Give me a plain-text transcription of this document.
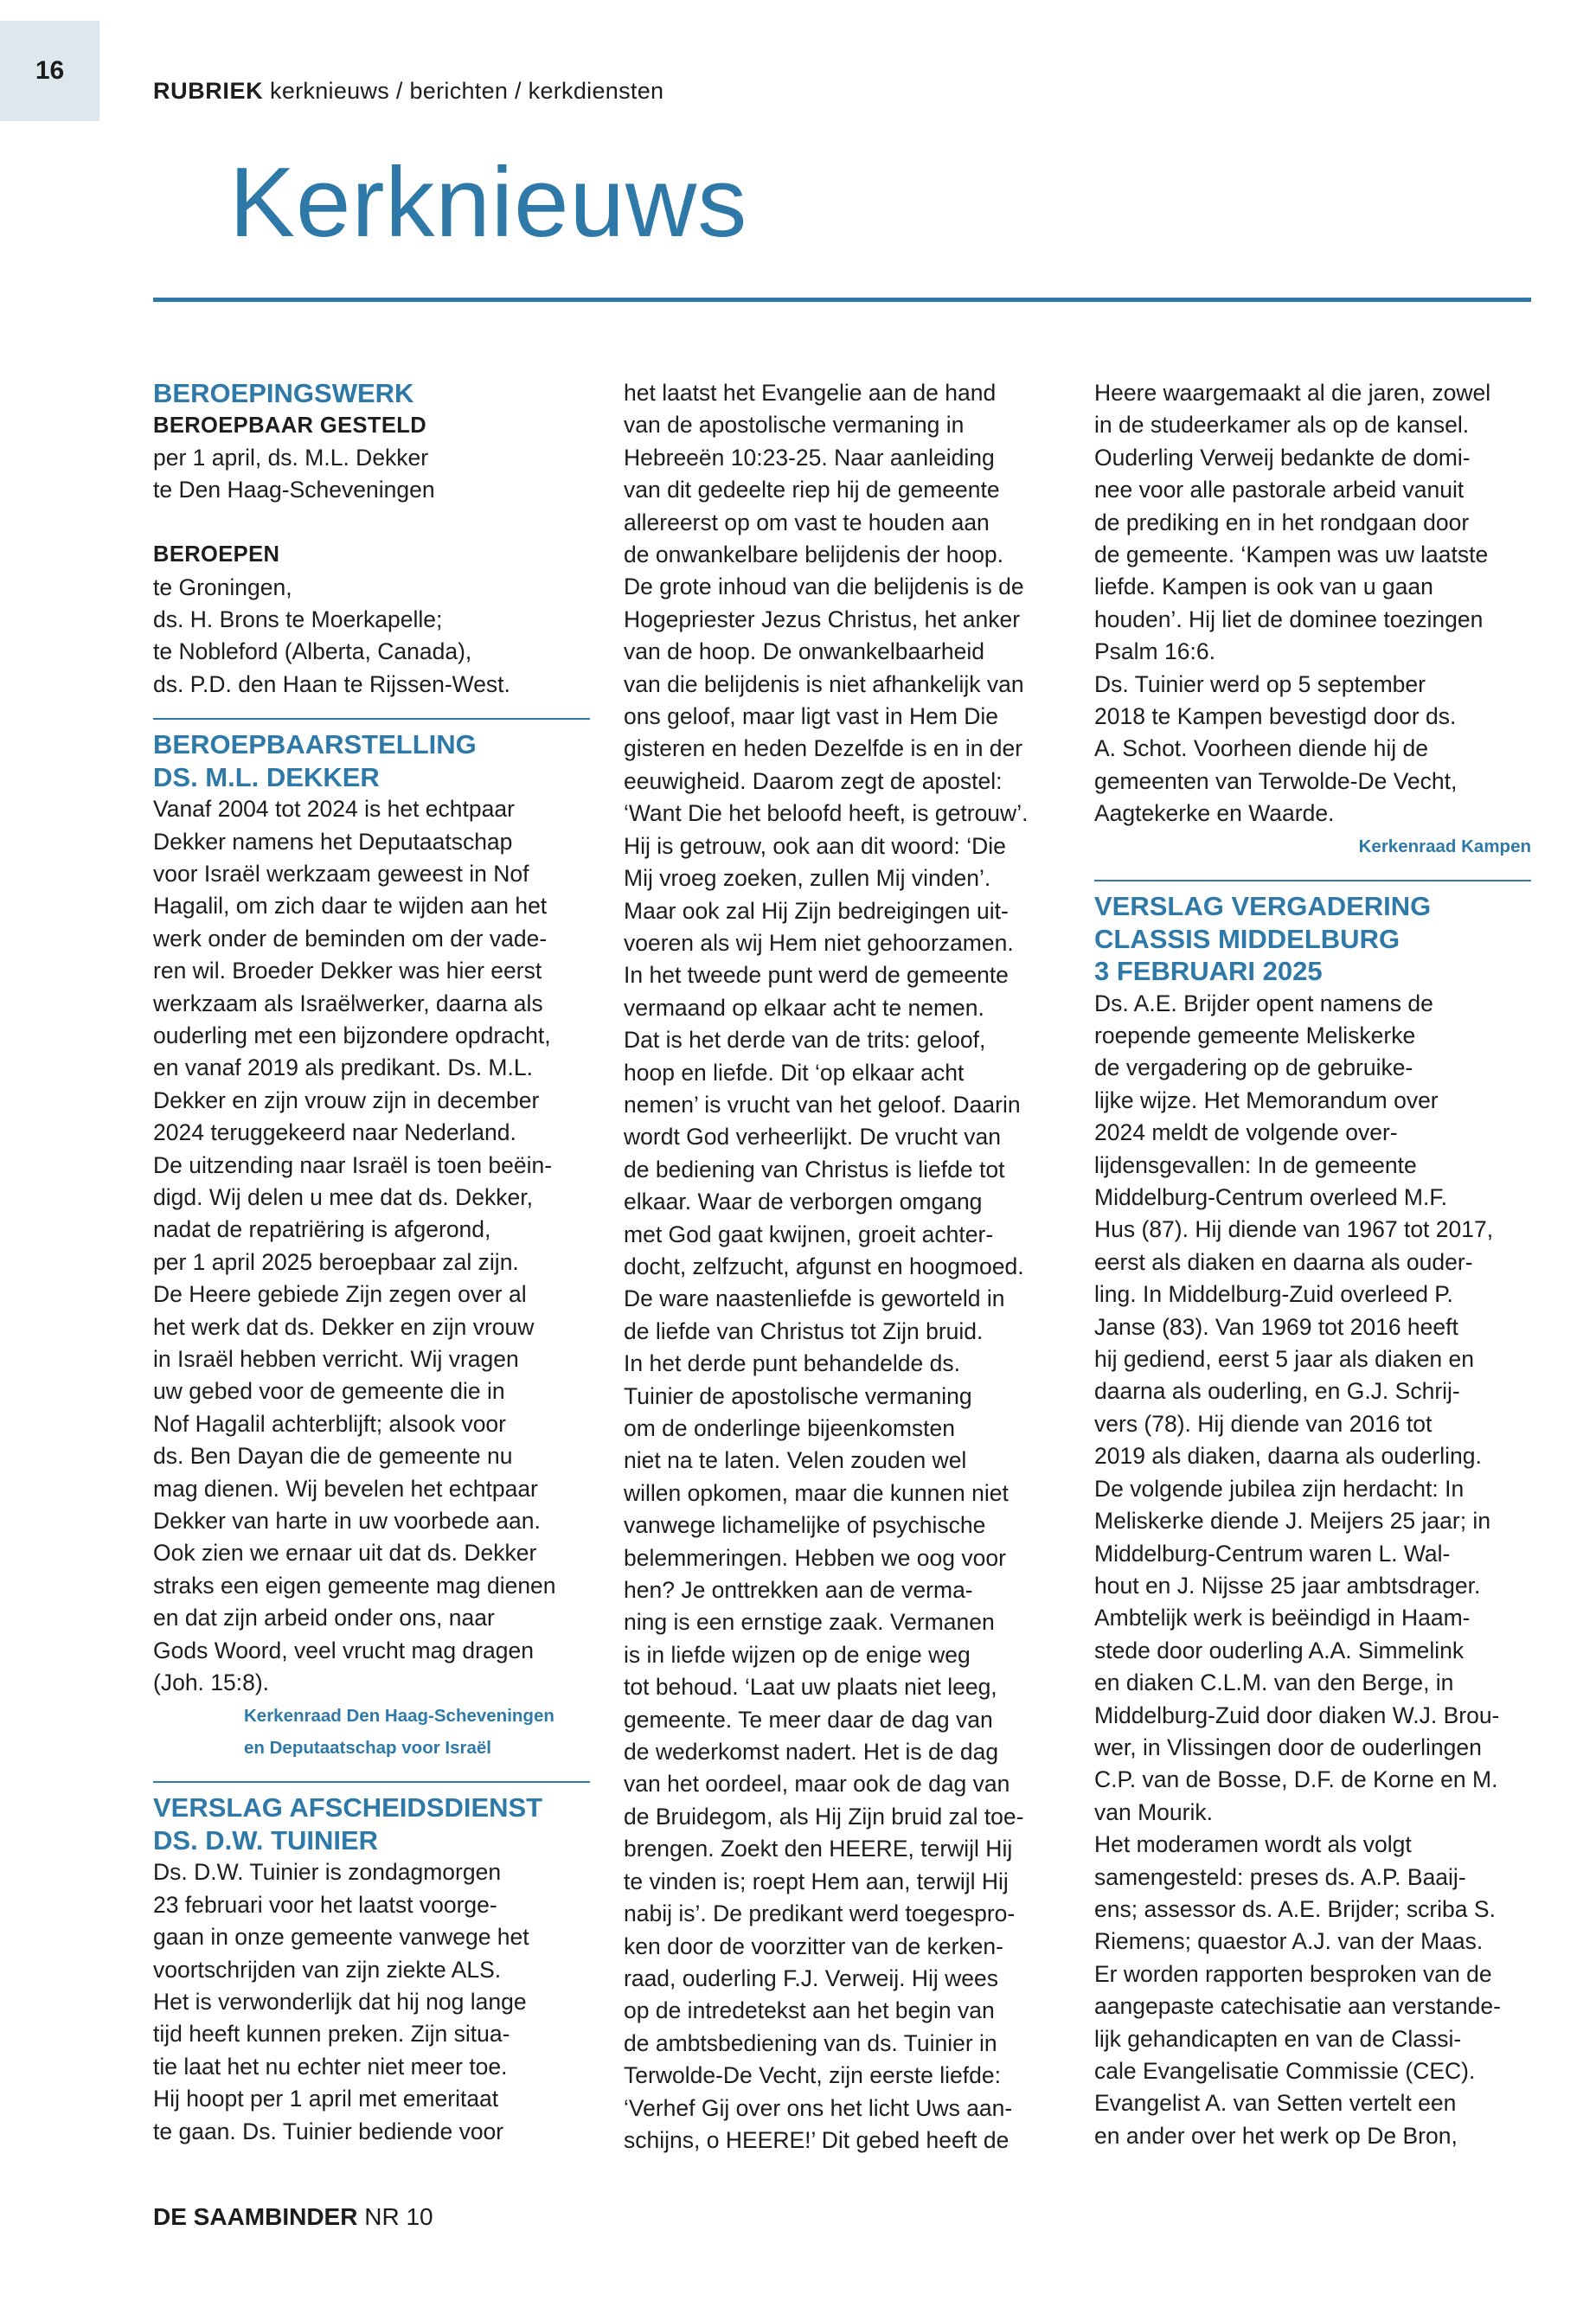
16
RUBRIEK kerknieuws / berichten / kerkdiensten
Kerknieuws

BEROEPINGSWERK

BEROEPBAAR GESTELD

per 1 april, ds. M.L. Dekker
te Den Haag-Scheveningen

BEROEPEN

te Groningen,
ds. H. Brons te Moerkapelle;
te Nobleford (Alberta, Canada),
ds. P.D. den Haan te Rijssen-West.
BEROEPBAARSTELLING
DS. M.L. DEKKER
Vanaf 2004 tot 2024 is het echtpaar
Dekker namens het Deputaatschap
voor Israël werkzaam geweest in Nof
Hagalil, om zich daar te wijden aan het
werk onder de beminden om der vade-
ren wil. Broeder Dekker was hier eerst
werkzaam als Israëlwerker, daarna als
ouderling met een bijzondere opdracht,
en vanaf 2019 als predikant. Ds. M.L.
Dekker en zijn vrouw zijn in december
2024 teruggekeerd naar Nederland.
De uitzending naar Israël is toen beëin-
digd. Wij delen u mee dat ds. Dekker,
nadat de repatriëring is afgerond,
per 1 april 2025 beroepbaar zal zijn.
De Heere gebiede Zijn zegen over al
het werk dat ds. Dekker en zijn vrouw
in Israël hebben verricht. Wij vragen
uw gebed voor de gemeente die in
Nof Hagalil achterblijft; alsook voor
ds. Ben Dayan die de gemeente nu
mag dienen. Wij bevelen het echtpaar
Dekker van harte in uw voorbede aan.
Ook zien we ernaar uit dat ds. Dekker
straks een eigen gemeente mag dienen
en dat zijn arbeid onder ons, naar
Gods Woord, veel vrucht mag dragen
(Joh. 15:8).
Kerkenraad Den Haag-Scheveningen
en Deputaatschap voor Israël
VERSLAG AFSCHEIDSDIENST
DS. D.W. TUINIER
Ds. D.W. Tuinier is zondagmorgen
23 februari voor het laatst voorge-
gaan in onze gemeente vanwege het
voortschrijden van zijn ziekte ALS.
Het is verwonderlijk dat hij nog lange
tijd heeft kunnen preken. Zijn situa-
tie laat het nu echter niet meer toe.
Hij hoopt per 1 april met emeritaat
te gaan. Ds. Tuinier bediende voor
het laatst het Evangelie aan de hand
van de apostolische vermaning in
Hebreeën 10:23-25. Naar aanleiding
van dit gedeelte riep hij de gemeente
allereerst op om vast te houden aan
de onwankelbare belijdenis der hoop.
De grote inhoud van die belijdenis is de
Hogepriester Jezus Christus, het anker
van de hoop. De onwankelbaarheid
van die belijdenis is niet afhankelijk van
ons geloof, maar ligt vast in Hem Die
gisteren en heden Dezelfde is en in der
eeuwigheid. Daarom zegt de apostel:
‘Want Die het beloofd heeft, is getrouw’.
Hij is getrouw, ook aan dit woord: ‘Die
Mij vroeg zoeken, zullen Mij vinden’.
Maar ook zal Hij Zijn bedreigingen uit-
voeren als wij Hem niet gehoorzamen.
In het tweede punt werd de gemeente
vermaand op elkaar acht te nemen.
Dat is het derde van de trits: geloof,
hoop en liefde. Dit ‘op elkaar acht
nemen’ is vrucht van het geloof. Daarin
wordt God verheerlijkt. De vrucht van
de bediening van Christus is liefde tot
elkaar. Waar de verborgen omgang
met God gaat kwijnen, groeit achter-
docht, zelfzucht, afgunst en hoogmoed.
De ware naastenliefde is geworteld in
de liefde van Christus tot Zijn bruid.
In het derde punt behandelde ds.
Tuinier de apostolische vermaning
om de onderlinge bijeenkomsten
niet na te laten. Velen zouden wel
willen opkomen, maar die kunnen niet
vanwege lichamelijke of psychische
belemmeringen. Hebben we oog voor
hen? Je onttrekken aan de verma-
ning is een ernstige zaak. Vermanen
is in liefde wijzen op de enige weg
tot behoud. ‘Laat uw plaats niet leeg,
gemeente. Te meer daar de dag van
de wederkomst nadert. Het is de dag
van het oordeel, maar ook de dag van
de Bruidegom, als Hij Zijn bruid zal toe-
brengen. Zoekt den HEERE, terwijl Hij
te vinden is; roept Hem aan, terwijl Hij
nabij is’. De predikant werd toegespro-
ken door de voorzitter van de kerken-
raad, ouderling F.J. Verweij. Hij wees
op de intredetekst aan het begin van
de ambtsbediening van ds. Tuinier in
Terwolde-De Vecht, zijn eerste liefde:
‘Verhef Gij over ons het licht Uws aan-
schijns, o HEERE!’ Dit gebed heeft de
Heere waargemaakt al die jaren, zowel
in de studeerkamer als op de kansel.
Ouderling Verweij bedankte de domi-
nee voor alle pastorale arbeid vanuit
de prediking en in het rondgaan door
de gemeente. ‘Kampen was uw laatste
liefde. Kampen is ook van u gaan
houden’. Hij liet de dominee toezingen
Psalm 16:6.
Ds. Tuinier werd op 5 september
2018 te Kampen bevestigd door ds.
A. Schot. Voorheen diende hij de
gemeenten van Terwolde-De Vecht,
Aagtekerke en Waarde.
Kerkenraad Kampen
VERSLAG VERGADERING
CLASSIS MIDDELBURG
3 FEBRUARI 2025
Ds. A.E. Brijder opent namens de
roepende gemeente Meliskerke
de vergadering op de gebruike-
lijke wijze. Het Memorandum over
2024 meldt de volgende over-
lijdensgevallen: In de gemeente
Middelburg-Centrum overleed M.F.
Hus (87). Hij diende van 1967 tot 2017,
eerst als diaken en daarna als ouder-
ling. In Middelburg-Zuid overleed P.
Janse (83). Van 1969 tot 2016 heeft
hij gediend, eerst 5 jaar als diaken en
daarna als ouderling, en G.J. Schrij-
vers (78). Hij diende van 2016 tot
2019 als diaken, daarna als ouderling.
De volgende jubilea zijn herdacht: In
Meliskerke diende J. Meijers 25 jaar; in
Middelburg-Centrum waren L. Wal-
hout en J. Nijsse 25 jaar ambtsdrager.
Ambtelijk werk is beëindigd in Haam-
stede door ouderling A.A. Simmelink
en diaken C.L.M. van den Berge, in
Middelburg-Zuid door diaken W.J. Brou-
wer, in Vlissingen door de ouderlingen
C.P. van de Bosse, D.F. de Korne en M.
van Mourik.
Het moderamen wordt als volgt
samengesteld: preses ds. A.P. Baaij-
ens; assessor ds. A.E. Brijder; scriba S.
Riemens; quaestor A.J. van der Maas.
Er worden rapporten besproken van de
aangepaste catechisatie aan verstande-
lijk gehandicapten en van de Classi-
cale Evangelisatie Commissie (CEC).
Evangelist A. van Setten vertelt een
en ander over het werk op De Bron,
DE SAAMBINDER NR 10
